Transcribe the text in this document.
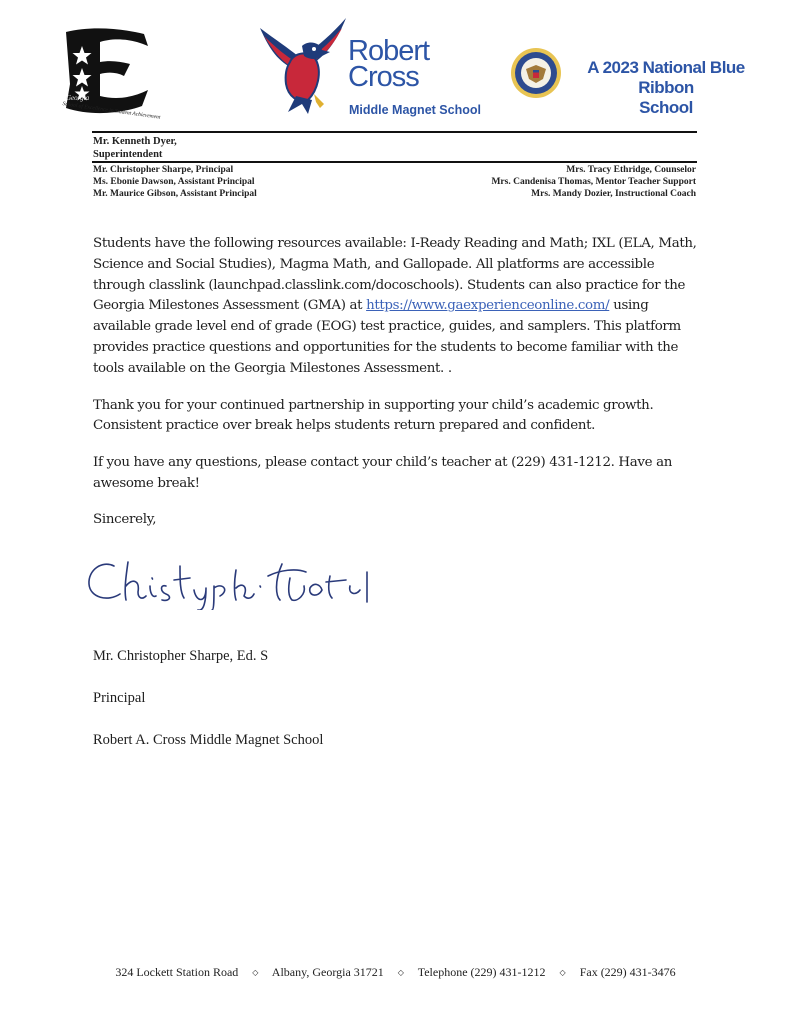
Georgia
School of Excellence in Student Achievement
Robert
Cross
Middle Magnet School
A 2023 National Blue Ribbon
School
Mr. Kenneth Dyer,
Superintendent
Mr. Christopher Sharpe, Principal
Ms. Ebonie Dawson, Assistant Principal
Mr. Maurice Gibson, Assistant Principal
Mrs. Tracy Ethridge, Counselor
Mrs. Candenisa Thomas, Mentor Teacher Support
Mrs. Mandy Dozier, Instructional Coach

Students have the following resources available: I-Ready Reading and Math; IXL (ELA, Math, Science and Social Studies), Magma Math, and Gallopade. All platforms are accessible through classlink (launchpad.classlink.com/docoschools). Students can also practice for the Georgia Milestones Assessment (GMA) at https://www.gaexperienceonline.com/ using available grade level end of grade (EOG) test practice, guides, and samplers. This platform provides practice questions and opportunities for the students to become familiar with the tools available on the Georgia Milestones Assessment. .

Thank you for your continued partnership in supporting your child’s academic growth. Consistent practice over break helps students return prepared and confident.

If you have any questions, please contact your child’s teacher at (229) 431-1212. Have an awesome break!

Sincerely,
Mr. Christopher Sharpe, Ed. S
Principal
Robert A. Cross Middle Magnet School
324 Lockett Station Road ◇ Albany, Georgia 31721 ◇ Telephone (229) 431-1212 ◇ Fax (229) 431-3476
